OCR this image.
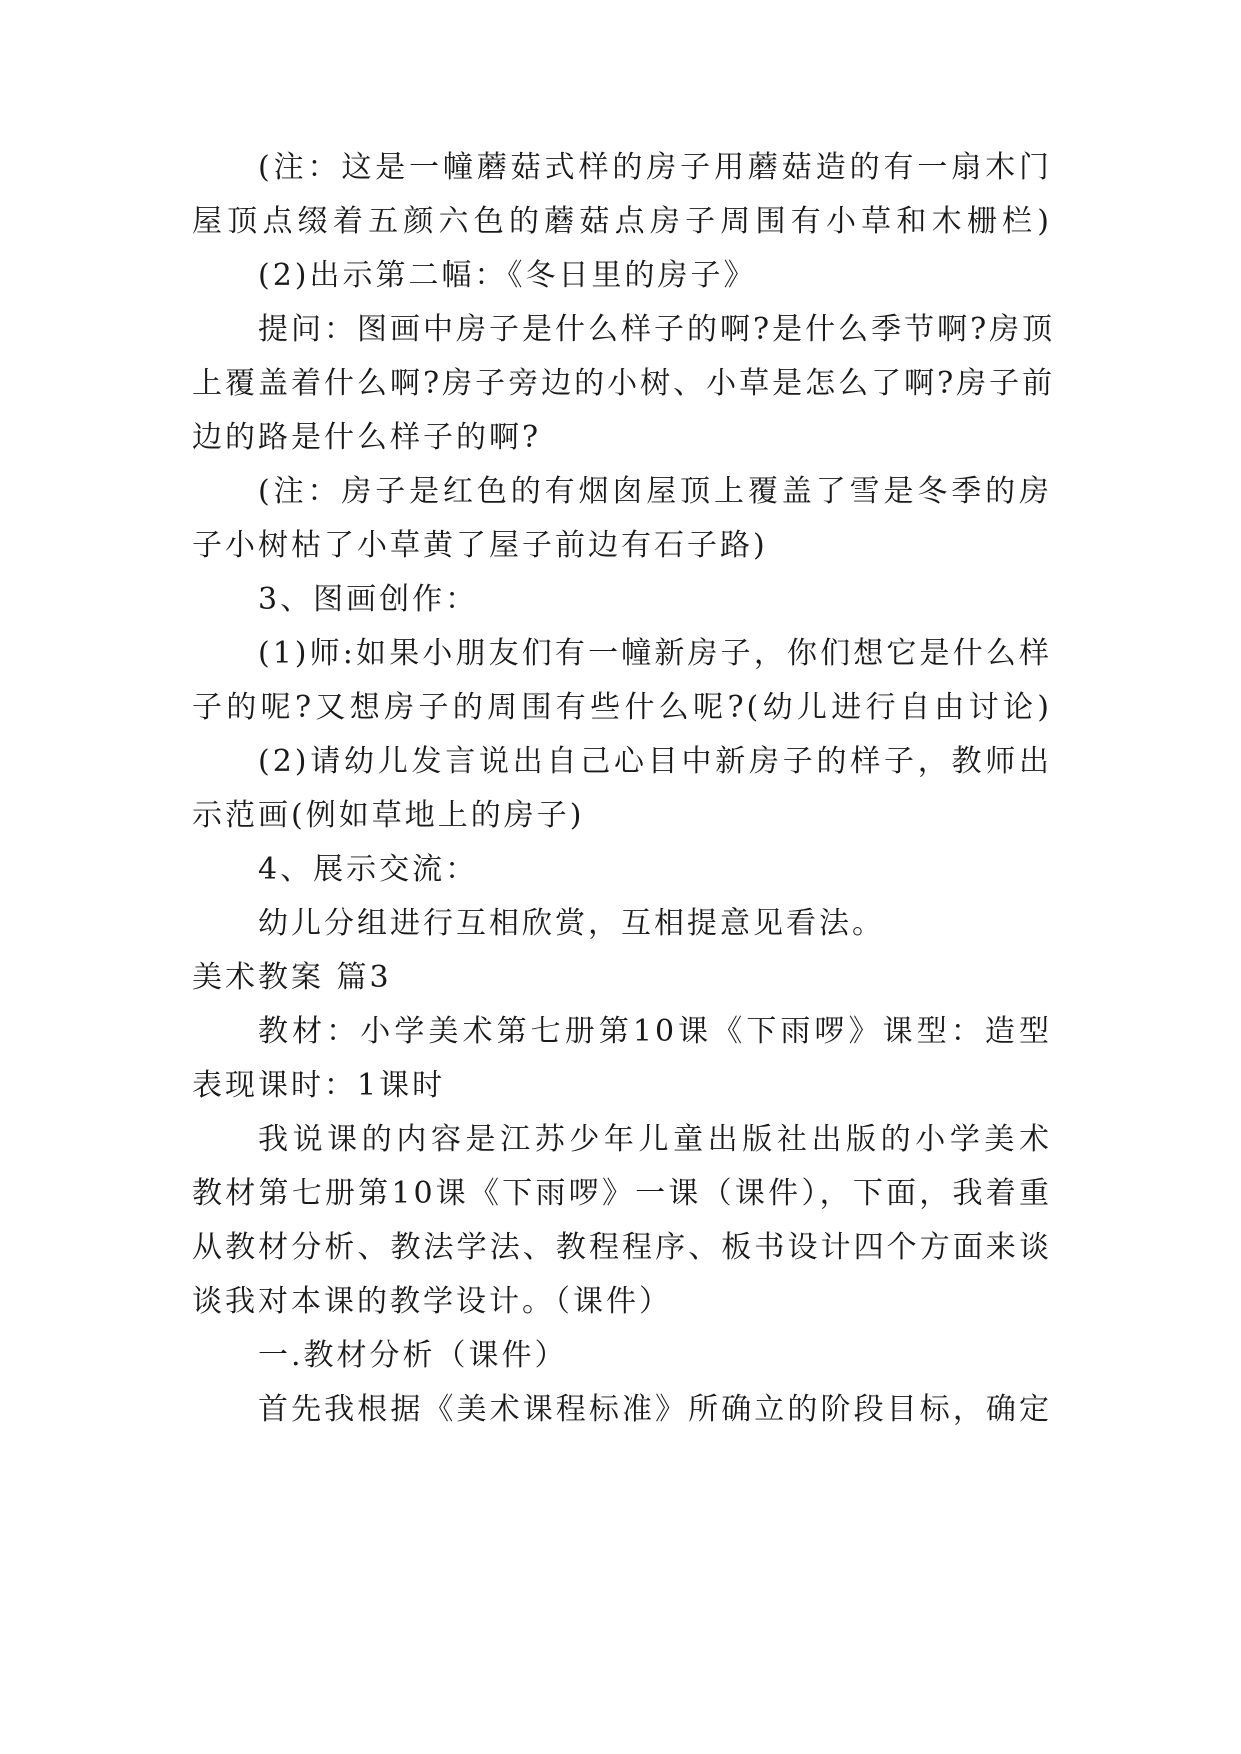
(注：这是一幢蘑菇式样的房子用蘑菇造的有一扇木门
屋顶点缀着五颜六色的蘑菇点房子周围有小草和木栅栏)
(2)出示第二幅：《冬日里的房子》
提问：图画中房子是什么样子的啊?是什么季节啊?房顶
上覆盖着什么啊?房子旁边的小树、小草是怎么了啊?房子前
边的路是什么样子的啊?
(注：房子是红色的有烟囱屋顶上覆盖了雪是冬季的房
子小树枯了小草黄了屋子前边有石子路)
3、图画创作：
(1)师:如果小朋友们有一幢新房子，你们想它是什么样
子的呢?又想房子的周围有些什么呢?(幼儿进行自由讨论)
(2)请幼儿发言说出自己心目中新房子的样子，教师出
示范画(例如草地上的房子)
4、展示交流：
幼儿分组进行互相欣赏，互相提意见看法。
美术教案 篇3
教材：小学美术第七册第10课《下雨啰》课型：造型
表现课时：1课时
我说课的内容是江苏少年儿童出版社出版的小学美术
教材第七册第10课《下雨啰》一课（课件），下面，我着重
从教材分析、教法学法、教程程序、板书设计四个方面来谈
谈我对本课的教学设计。（课件）
一.教材分析（课件）
首先我根据《美术课程标准》所确立的阶段目标，确定
